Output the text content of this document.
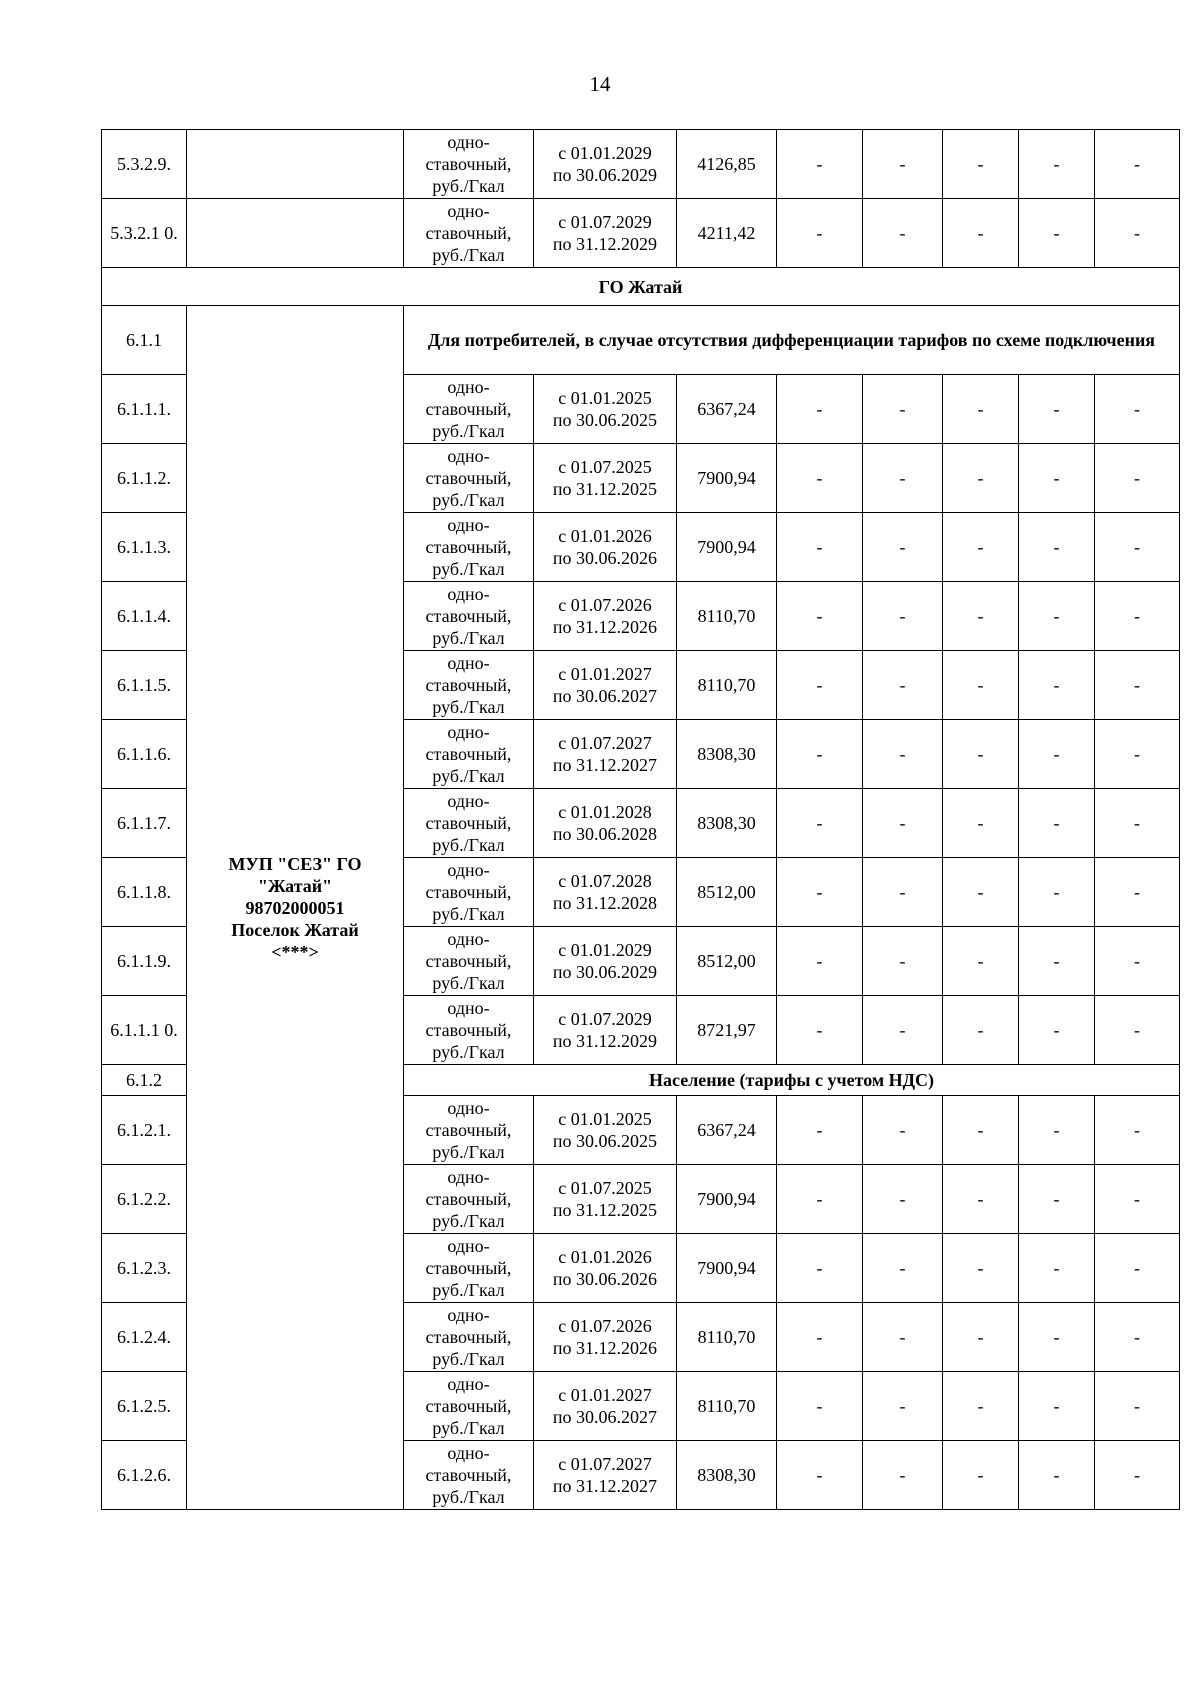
14
5.3.2.9.		одно-
ставочный,
руб./Гкал	с 01.01.2029
по 30.06.2029	4126,85	-	-	-	-	-
5.3.2.1 0.		одно-
ставочный,
руб./Гкал	с 01.07.2029
по 31.12.2029	4211,42	-	-	-	-	-
ГО Жатай									
6.1.1	МУП "СЕЗ" ГО
"Жатай"
98702000051
Поселок Жатай
<***>	Для потребителей, в случае отсутствия дифференциации тарифов по схеме подключения							
6.1.1.1.		одно-
ставочный,
руб./Гкал	с 01.01.2025
по 30.06.2025	6367,24	-	-	-	-	-
6.1.1.2.		одно-
ставочный,
руб./Гкал	с 01.07.2025
по 31.12.2025	7900,94	-	-	-	-	-
6.1.1.3.		одно-
ставочный,
руб./Гкал	с 01.01.2026
по 30.06.2026	7900,94	-	-	-	-	-
6.1.1.4.		одно-
ставочный,
руб./Гкал	с 01.07.2026
по 31.12.2026	8110,70	-	-	-	-	-
6.1.1.5.		одно-
ставочный,
руб./Гкал	с 01.01.2027
по 30.06.2027	8110,70	-	-	-	-	-
6.1.1.6.		одно-
ставочный,
руб./Гкал	с 01.07.2027
по 31.12.2027	8308,30	-	-	-	-	-
6.1.1.7.		одно-
ставочный,
руб./Гкал	с 01.01.2028
по 30.06.2028	8308,30	-	-	-	-	-
6.1.1.8.		одно-
ставочный,
руб./Гкал	с 01.07.2028
по 31.12.2028	8512,00	-	-	-	-	-
6.1.1.9.		одно-
ставочный,
руб./Гкал	с 01.01.2029
по 30.06.2029	8512,00	-	-	-	-	-
6.1.1.1 0.		одно-
ставочный,
руб./Гкал	с 01.07.2029
по 31.12.2029	8721,97	-	-	-	-	-
6.1.2		Население (тарифы с учетом НДС)							
6.1.2.1.		одно-
ставочный,
руб./Гкал	с 01.01.2025
по 30.06.2025	6367,24	-	-	-	-	-
6.1.2.2.		одно-
ставочный,
руб./Гкал	с 01.07.2025
по 31.12.2025	7900,94	-	-	-	-	-
6.1.2.3.		одно-
ставочный,
руб./Гкал	с 01.01.2026
по 30.06.2026	7900,94	-	-	-	-	-
6.1.2.4.		одно-
ставочный,
руб./Гкал	с 01.07.2026
по 31.12.2026	8110,70	-	-	-	-	-
6.1.2.5.		одно-
ставочный,
руб./Гкал	с 01.01.2027
по 30.06.2027	8110,70	-	-	-	-	-
6.1.2.6.		одно-
ставочный,
руб./Гкал	с 01.07.2027
по 31.12.2027	8308,30	-	-	-	-	-
